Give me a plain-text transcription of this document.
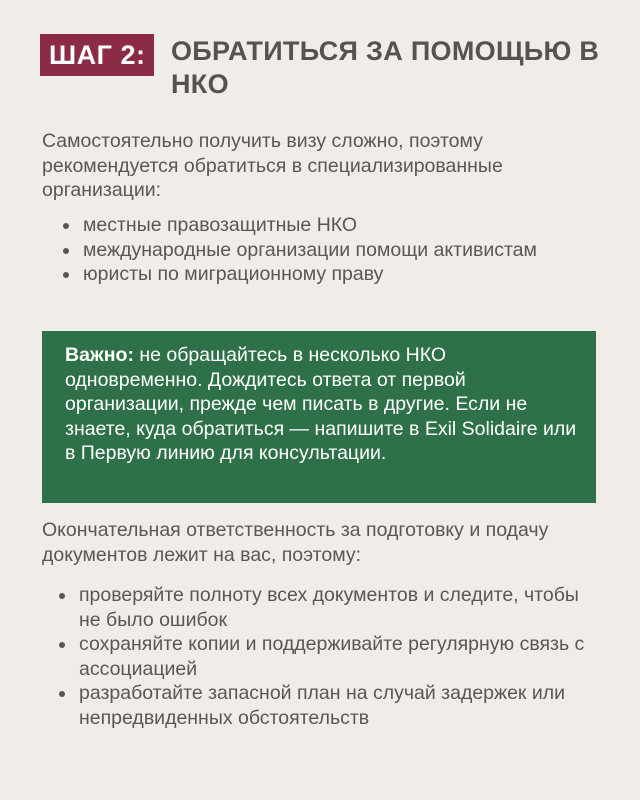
ШАГ 2: ОБРАТИТЬСЯ ЗА ПОМОЩЬЮ В НКО
Самостоятельно получить визу сложно, поэтому рекомендуется обратиться в специализированные организации:
местные правозащитные НКО
международные организации помощи активистам
юристы по миграционному праву
Важно: не обращайтесь в несколько НКО одновременно. Дождитесь ответа от первой организации, прежде чем писать в другие. Если не знаете, куда обратиться — напишите в Exil Solidaire или в Первую линию для консультации.
Окончательная ответственность за подготовку и подачу документов лежит на вас, поэтому:
проверяйте полноту всех документов и следите, чтобы не было ошибок
сохраняйте копии и поддерживайте регулярную связь с ассоциацией
разработайте запасной план на случай задержек или непредвиденных обстоятельств
